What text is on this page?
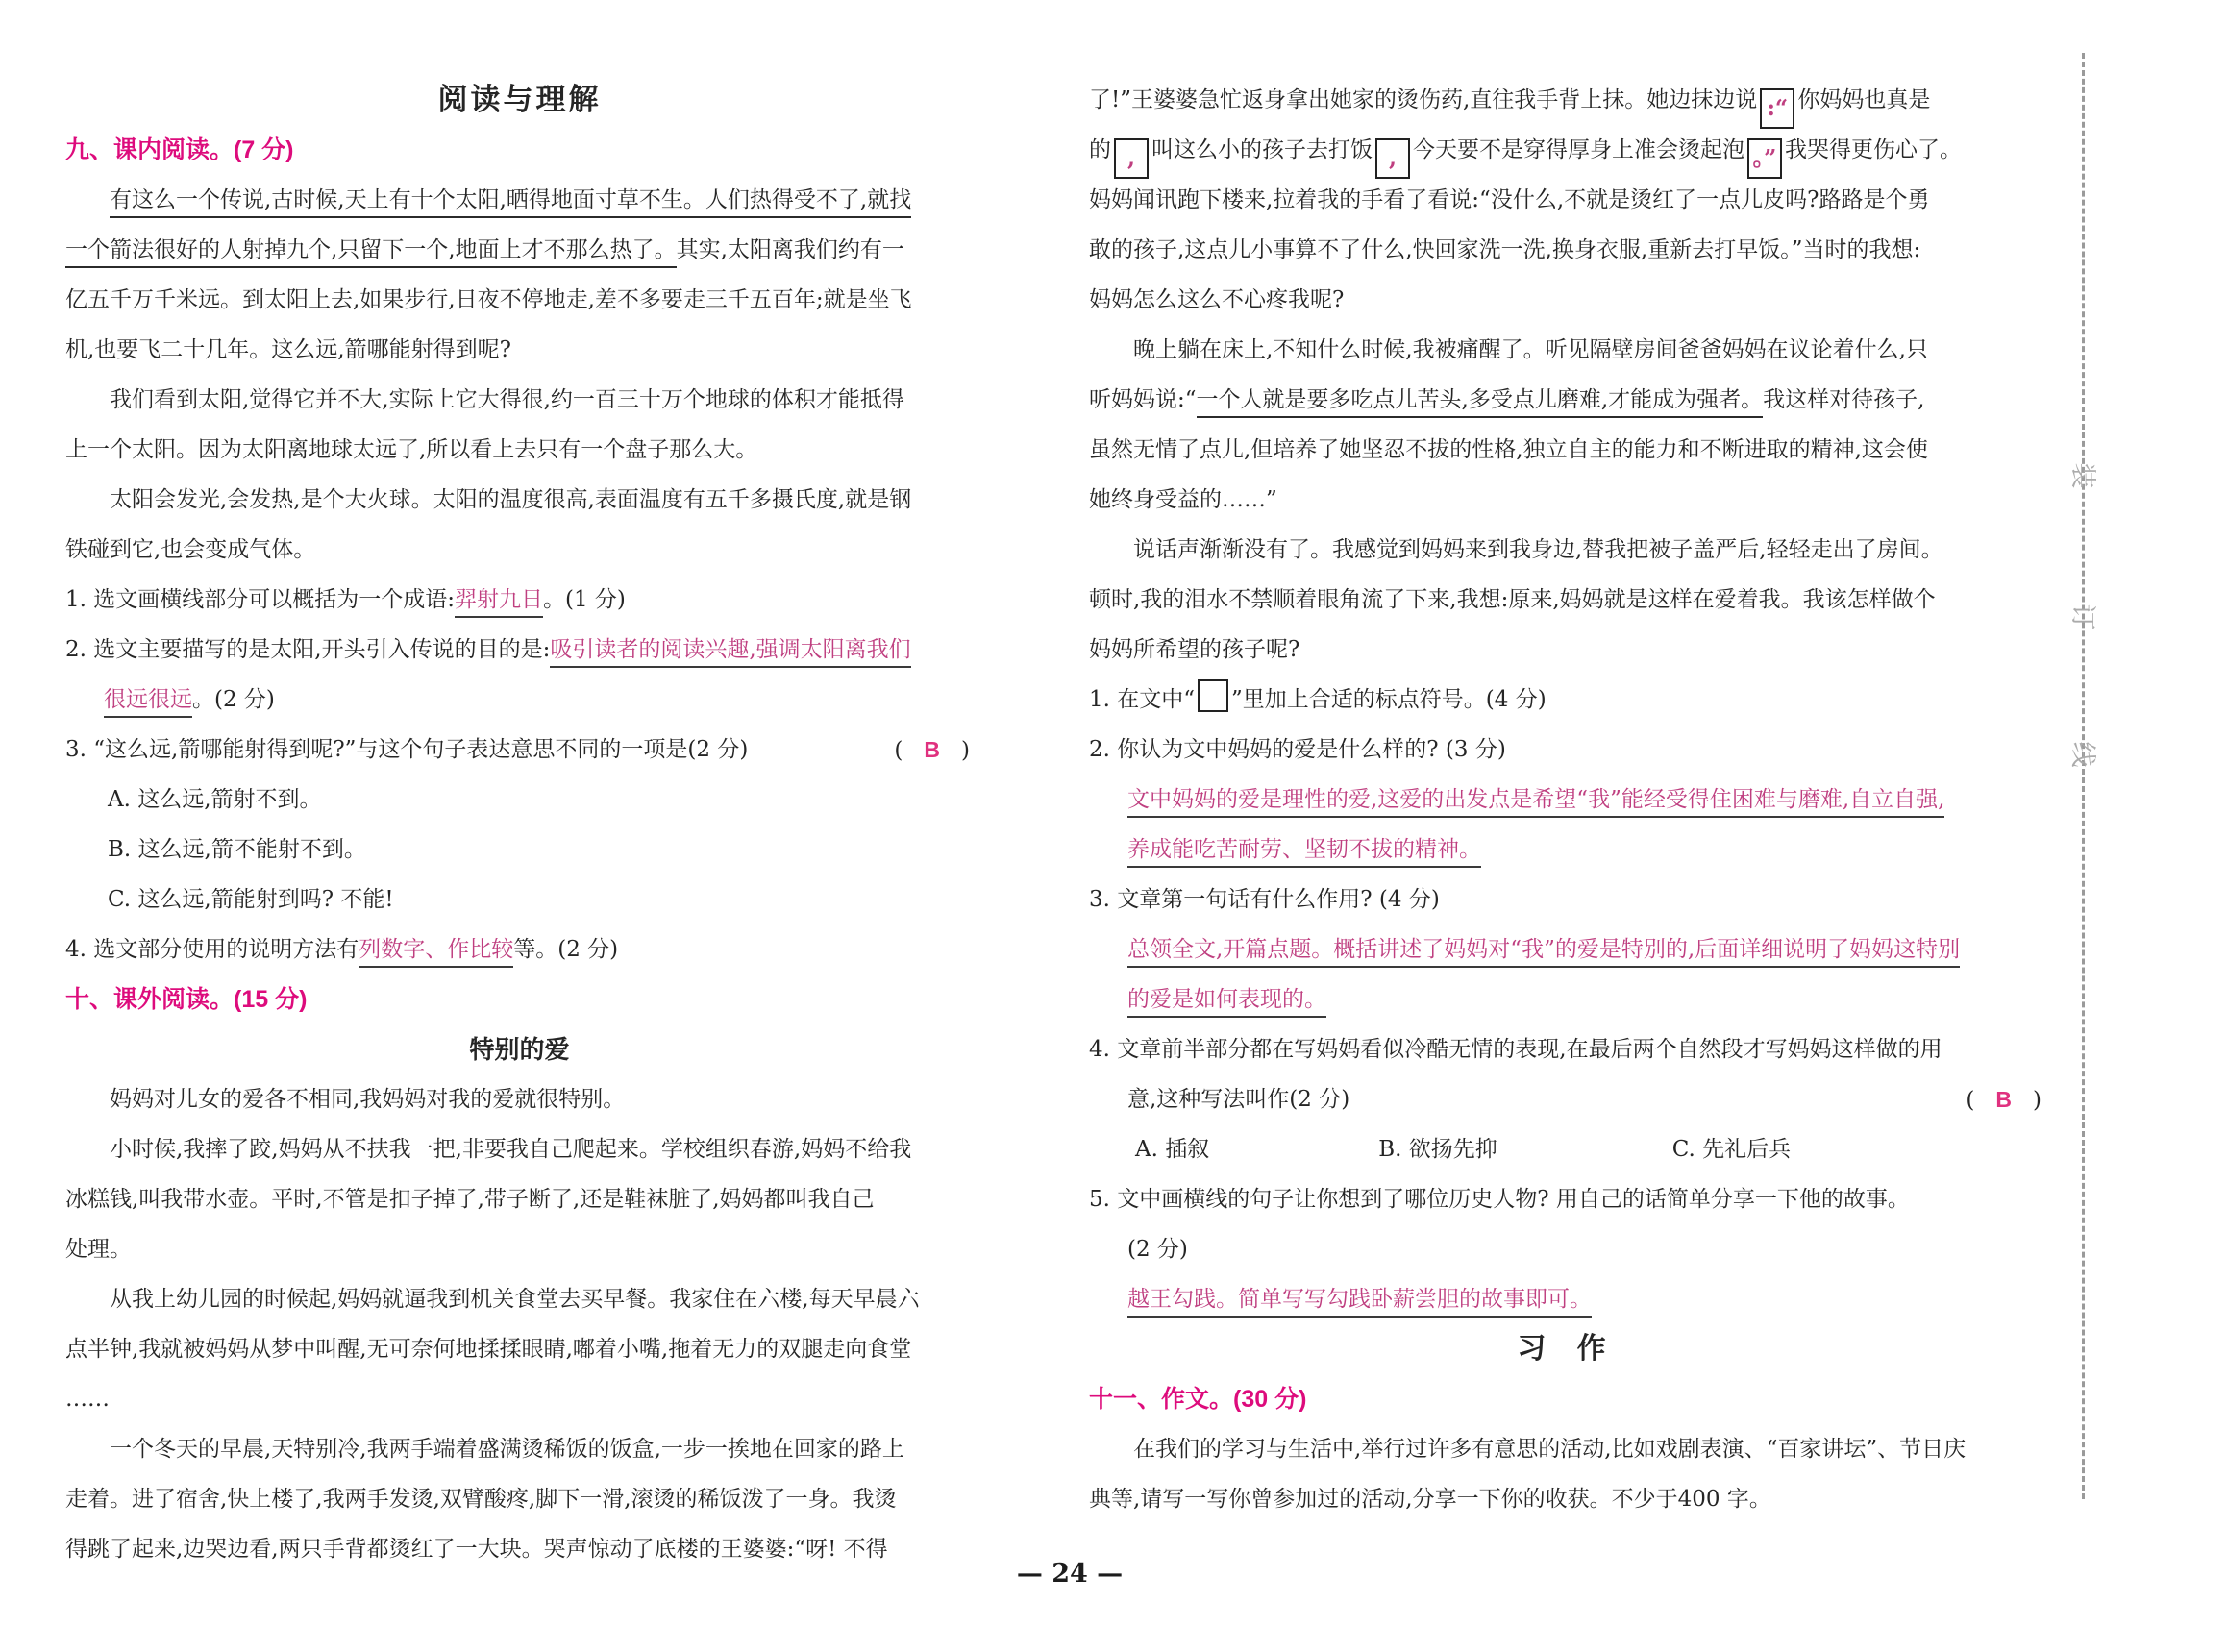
阅读与理解
九、课内阅读。(7 分)
有这么一个传说,古时候,天上有十个太阳,晒得地面寸草不生。人们热得受不了,就找
一个箭法很好的人射掉九个,只留下一个,地面上才不那么热了。其实,太阳离我们约有一
亿五千万千米远。到太阳上去,如果步行,日夜不停地走,差不多要走三千五百年;就是坐飞
机,也要飞二十几年。这么远,箭哪能射得到呢?
我们看到太阳,觉得它并不大,实际上它大得很,约一百三十万个地球的体积才能抵得
上一个太阳。因为太阳离地球太远了,所以看上去只有一个盘子那么大。
太阳会发光,会发热,是个大火球。太阳的温度很高,表面温度有五千多摄氏度,就是钢
铁碰到它,也会变成气体。
1. 选文画横线部分可以概括为一个成语:羿射九日。(1 分)
2. 选文主要描写的是太阳,开头引入传说的目的是:吸引读者的阅读兴趣,强调太阳离我们
很远很远。(2 分)
( B )
3. “这么远,箭哪能射得到呢?”与这个句子表达意思不同的一项是(2 分)
A. 这么远,箭射不到。
B. 这么远,箭不能射不到。
C. 这么远,箭能射到吗? 不能!
4. 选文部分使用的说明方法有列数字、作比较等。(2 分)
十、课外阅读。(15 分)
特别的爱
妈妈对儿女的爱各不相同,我妈妈对我的爱就很特别。
小时候,我摔了跤,妈妈从不扶我一把,非要我自己爬起来。学校组织春游,妈妈不给我
冰糕钱,叫我带水壶。平时,不管是扣子掉了,带子断了,还是鞋袜脏了,妈妈都叫我自己
处理。
从我上幼儿园的时候起,妈妈就逼我到机关食堂去买早餐。我家住在六楼,每天早晨六
点半钟,我就被妈妈从梦中叫醒,无可奈何地揉揉眼睛,嘟着小嘴,拖着无力的双腿走向食堂
……
一个冬天的早晨,天特别冷,我两手端着盛满烫稀饭的饭盒,一步一挨地在回家的路上
走着。进了宿舍,快上楼了,我两手发烫,双臂酸疼,脚下一滑,滚烫的稀饭泼了一身。我烫
得跳了起来,边哭边看,两只手背都烫红了一大块。哭声惊动了底楼的王婆婆:“呀! 不得
了!”王婆婆急忙返身拿出她家的烫伤药,直往我手背上抹。她边抹边说 :“ 你妈妈也真是
的 , 叫这么小的孩子去打饭 , 今天要不是穿得厚身上准会烫起泡 。” 我哭得更伤心了。
妈妈闻讯跑下楼来,拉着我的手看了看说:“没什么,不就是烫红了一点儿皮吗?路路是个勇
敢的孩子,这点儿小事算不了什么,快回家洗一洗,换身衣服,重新去打早饭。”当时的我想:
妈妈怎么这么不心疼我呢?
晚上躺在床上,不知什么时候,我被痛醒了。听见隔壁房间爸爸妈妈在议论着什么,只
听妈妈说:“一个人就是要多吃点儿苦头,多受点儿磨难,才能成为强者。我这样对待孩子,
虽然无情了点儿,但培养了她坚忍不拔的性格,独立自主的能力和不断进取的精神,这会使
她终身受益的……”
说话声渐渐没有了。我感觉到妈妈来到我身边,替我把被子盖严后,轻轻走出了房间。
顿时,我的泪水不禁顺着眼角流了下来,我想:原来,妈妈就是这样在爱着我。我该怎样做个
妈妈所希望的孩子呢?
1. 在文中“ ”里加上合适的标点符号。(4 分)
2. 你认为文中妈妈的爱是什么样的? (3 分)
文中妈妈的爱是理性的爱,这爱的出发点是希望“我”能经受得住困难与磨难,自立自强,
养成能吃苦耐劳、坚韧不拔的精神。
3. 文章第一句话有什么作用? (4 分)
总领全文,开篇点题。概括讲述了妈妈对“我”的爱是特别的,后面详细说明了妈妈这特别
的爱是如何表现的。
4. 文章前半部分都在写妈妈看似冷酷无情的表现,在最后两个自然段才写妈妈这样做的用
( B )
意,这种写法叫作(2 分)
A. 插叙	B. 欲扬先抑	C. 先礼后兵
5. 文中画横线的句子让你想到了哪位历史人物? 用自己的话简单分享一下他的故事。
(2 分)
越王勾践。简单写写勾践卧薪尝胆的故事即可。
习 作
十一、作文。(30 分)
在我们的学习与生活中,举行过许多有意思的活动,比如戏剧表演、“百家讲坛”、节日庆
典等,请写一写你曾参加过的活动,分享一下你的收获。不少于400 字。
装
订
线
— 24 —
